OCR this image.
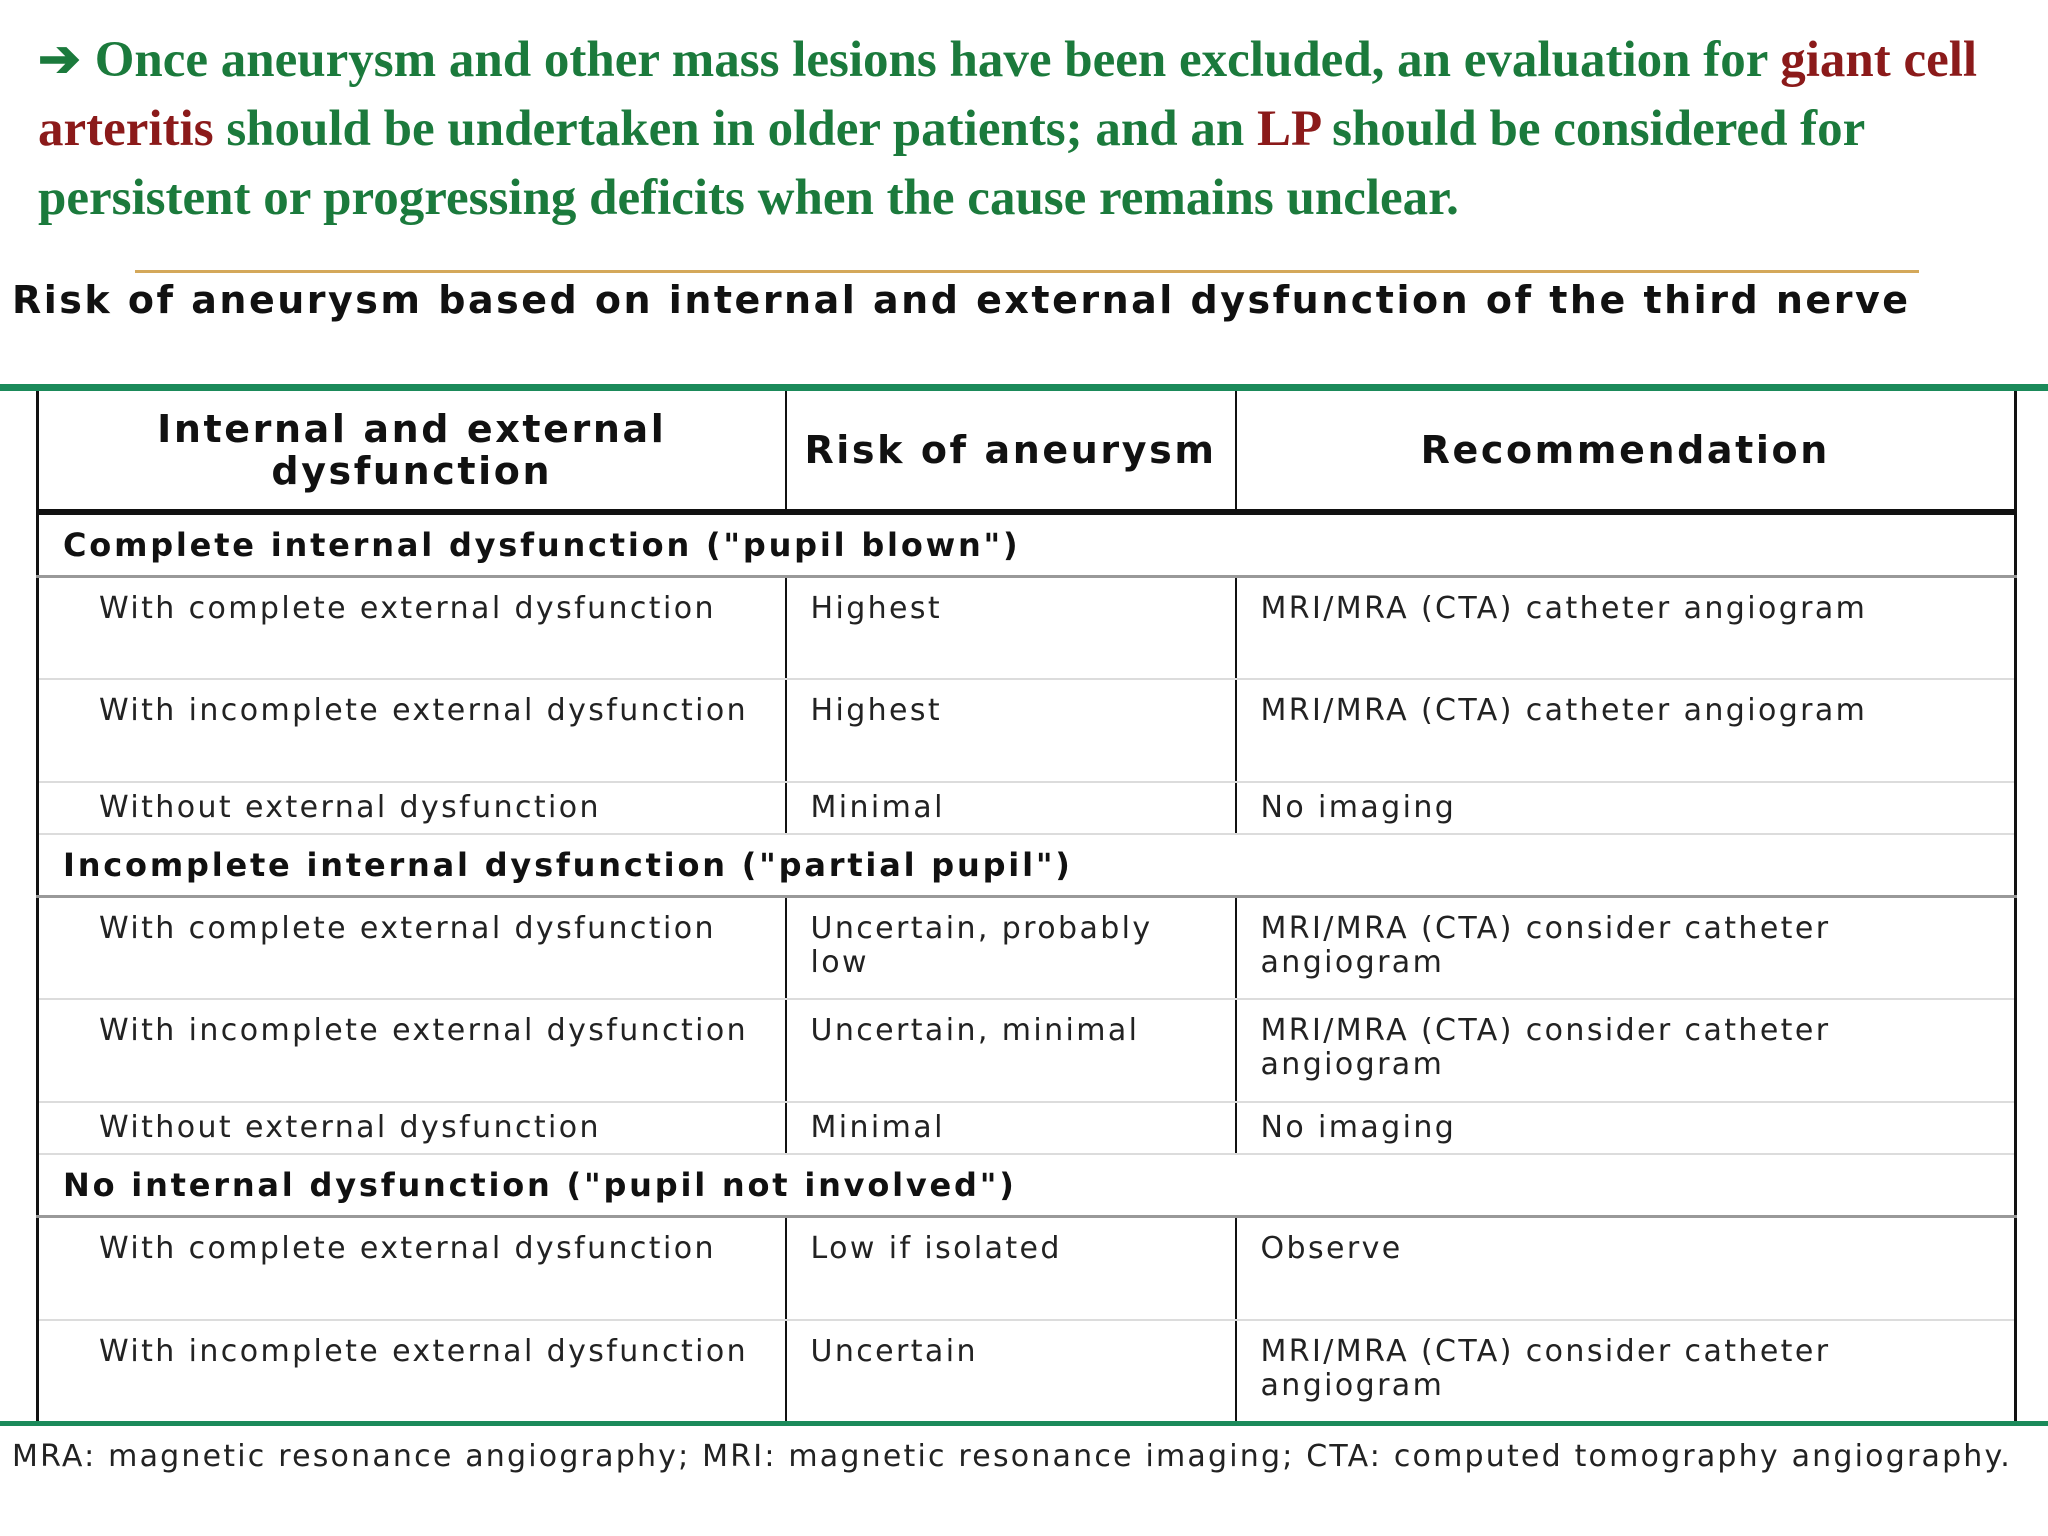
➔ Once aneurysm and other mass lesions have been excluded, an evaluation for giant cell arteritis should be undertaken in older patients; and an LP should be considered for persistent or progressing deficits when the cause remains unclear.
Risk of aneurysm based on internal and external dysfunction of the third nerve
Internal and external dysfunction	Risk of aneurysm	Recommendation
Complete internal dysfunction ("pupil blown")		
With complete external dysfunction	Highest	MRI/MRA (CTA) catheter angiogram
With incomplete external dysfunction	Highest	MRI/MRA (CTA) catheter angiogram
Without external dysfunction	Minimal	No imaging
Incomplete internal dysfunction ("partial pupil")		
With complete external dysfunction	Uncertain, probably low	MRI/MRA (CTA) consider catheter angiogram
With incomplete external dysfunction	Uncertain, minimal	MRI/MRA (CTA) consider catheter angiogram
Without external dysfunction	Minimal	No imaging
No internal dysfunction ("pupil not involved")		
With complete external dysfunction	Low if isolated	Observe
With incomplete external dysfunction	Uncertain	MRI/MRA (CTA) consider catheter angiogram
MRA: magnetic resonance angiography; MRI: magnetic resonance imaging; CTA: computed tomography angiography.
